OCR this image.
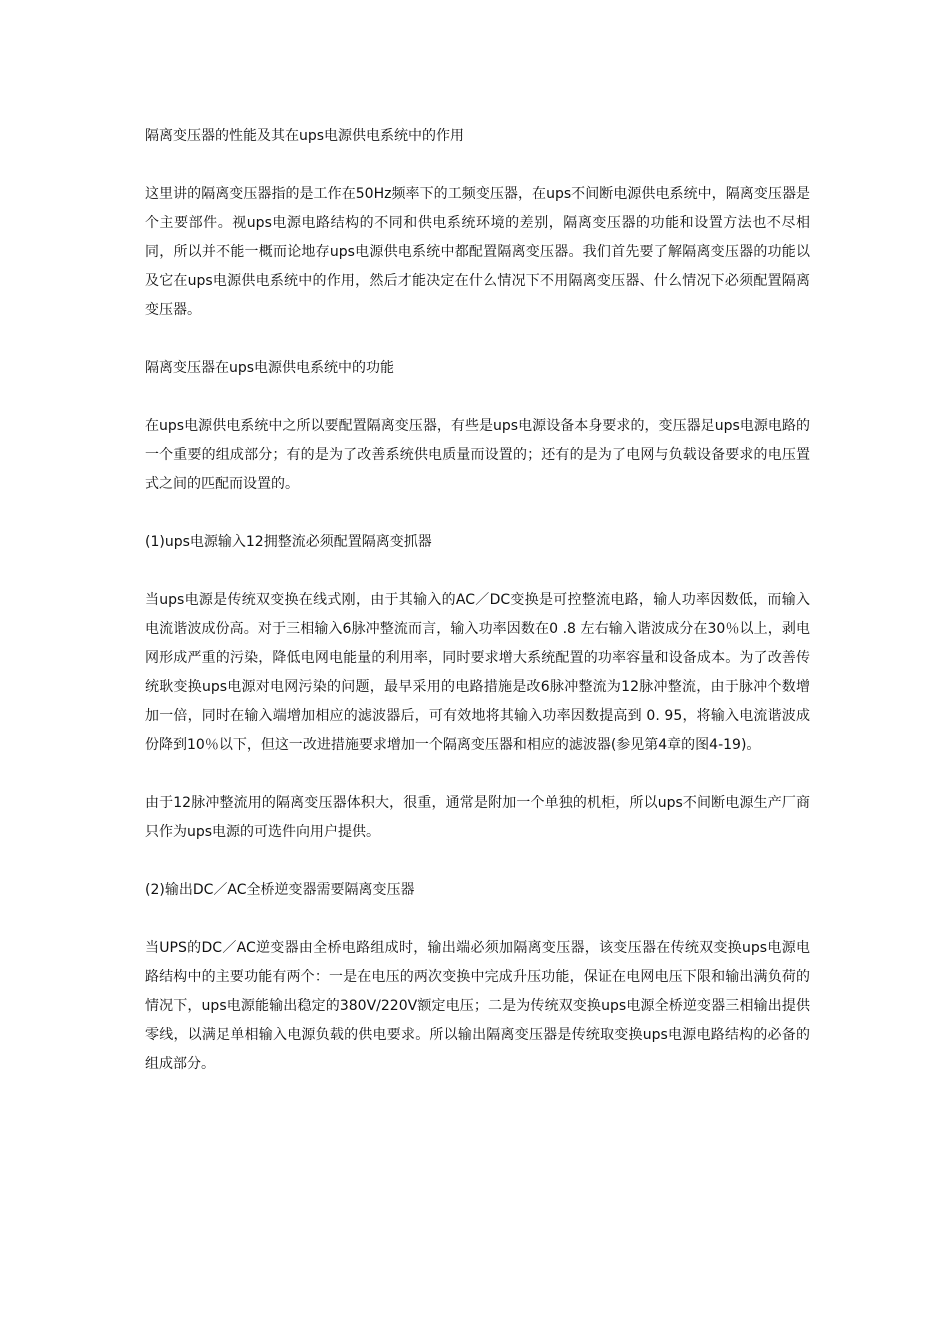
隔离变压器的性能及其在ups电源供电系统中的作用

这里讲的隔离变压器指的是工作在50Hz频率下的工频变压器，在ups不间断电源供电系统中，隔离变压器是个主要部件。视ups电源电路结构的不同和供电系统环境的差别，隔离变压器的功能和设置方法也不尽相同，所以并不能一概而论地存ups电源供电系统中都配置隔离变压器。我们首先要了解隔离变压器的功能以及它在ups电源供电系统中的作用，然后才能决定在什么情况下不用隔离变压器、什么情况下必须配置隔离变压器。

隔离变压器在ups电源供电系统中的功能

在ups电源供电系统中之所以要配置隔离变压器，有些是ups电源设备本身要求的，变压器足ups电源电路的一个重要的组成部分；有的是为了改善系统供电质量而设置的；还有的是为了电网与负载设备要求的电压置式之间的匹配而设置的。

(1)ups电源输入12拥整流必须配置隔离变抓器

当ups电源是传统双变换在线式刚，由于其输入的AC／DC变换是可控整流电路，输人功率因数低，而输入电流谐波成份高。对于三相输入6脉冲整流而言，输入功率因数在0 .8 左右输入谐波成分在30％以上，剥电网形成严重的污染，降低电网电能量的利用率，同时要求增大系统配置的功率容量和设备成本。为了改善传统耿变换ups电源对电网污染的问题，最早采用的电路措施是改6脉冲整流为12脉冲整流，由于脉冲个数增加一倍，同时在输入端增加相应的滤波器后，可有效地将其输入功率因数提高到 0. 95，将输入电流谐波成份降到10％以下，但这一改进措施要求增加一个隔离变压器和相应的滤波器(参见第4章的图4-19)。

由于12脉冲整流用的隔离变压器体积大，很重，通常是附加一个单独的机柜，所以ups不间断电源生产厂商只作为ups电源的可选件向用户提供。

(2)输出DC／AC全桥逆变器需要隔离变压器

当UPS的DC／AC逆变器由全桥电路组成时，输出端必须加隔离变压器，该变压器在传统双变换ups电源电路结构中的主要功能有两个：一是在电压的两次变换中完成升压功能，保证在电网电压下限和输出满负荷的情况下，ups电源能输出稳定的380V/220V额定电压；二是为传统双变换ups电源全桥逆变器三相输出提供零线，以满足单相输入电源负载的供电要求。所以输出隔离变压器是传统取变换ups电源电路结构的必备的组成部分。
